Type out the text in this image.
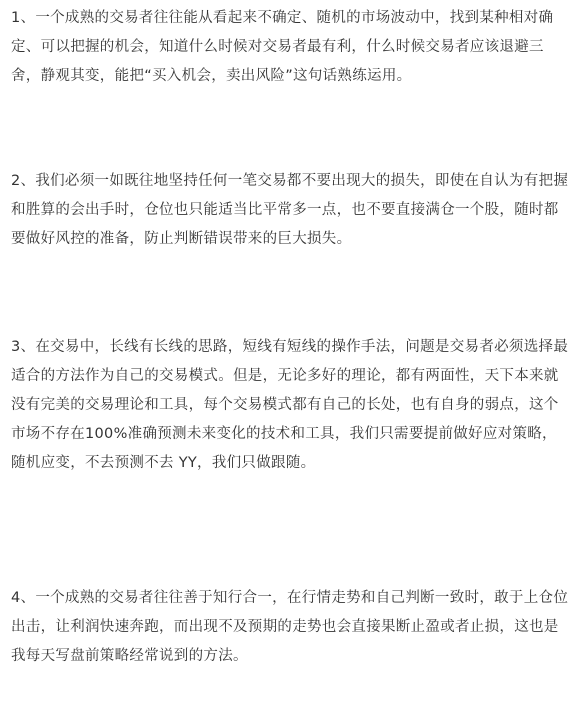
1、一个成熟的交易者往往能从看起来不确定、随机的市场波动中，找到某种相对确定、可以把握的机会，知道什么时候对交易者最有利，什么时候交易者应该退避三舍，静观其变，能把“买入机会，卖出风险”这句话熟练运用。

2、我们必须一如既往地坚持任何一笔交易都不要出现大的损失，即使在自认为有把握和胜算的会出手时，仓位也只能适当比平常多一点，也不要直接满仓一个股，随时都要做好风控的准备，防止判断错误带来的巨大损失。

3、在交易中，长线有长线的思路，短线有短线的操作手法，问题是交易者必须选择最适合的方法作为自己的交易模式。但是，无论多好的理论，都有两面性，天下本来就没有完美的交易理论和工具，每个交易模式都有自己的长处，也有自身的弱点，这个市场不存在100%准确预测未来变化的技术和工具，我们只需要提前做好应对策略，随机应变，不去预测不去 YY，我们只做跟随。

4、一个成熟的交易者往往善于知行合一，在行情走势和自己判断一致时，敢于上仓位出击，让利润快速奔跑，而出现不及预期的走势也会直接果断止盈或者止损，这也是我每天写盘前策略经常说到的方法。
